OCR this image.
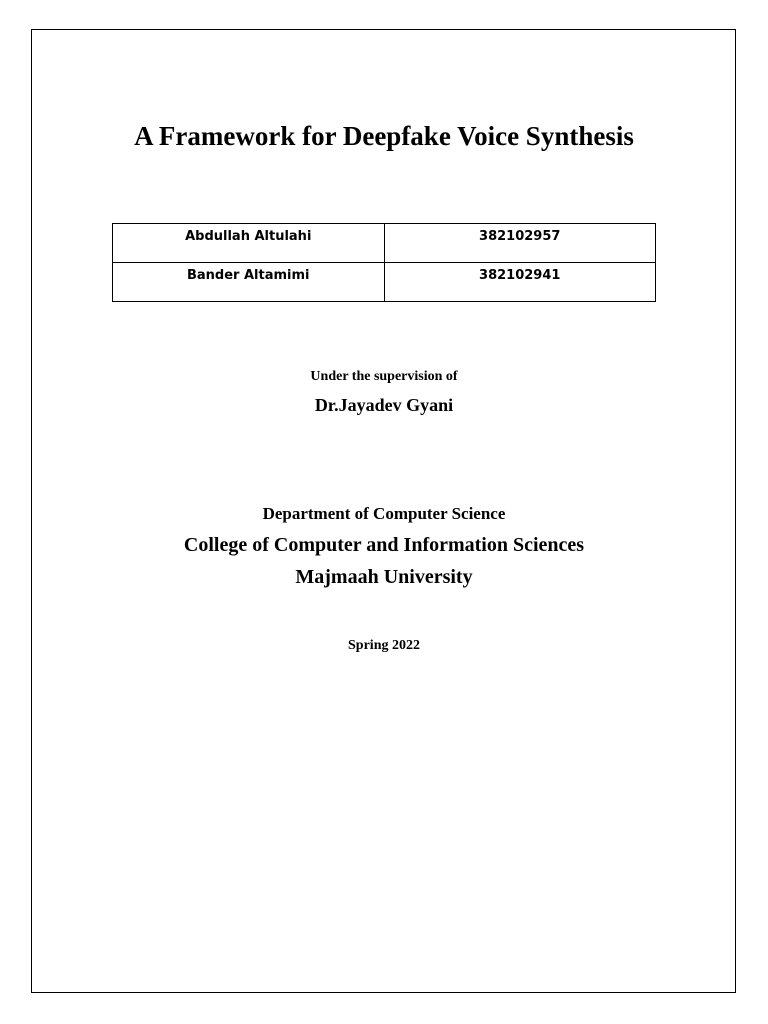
A Framework for Deepfake Voice Synthesis
Abdullah Altulahi	382102957
Bander Altamimi	382102941

Under the supervision of

Dr.Jayadev Gyani

Department of Computer Science

College of Computer and Information Sciences

Majmaah University

Spring 2022
